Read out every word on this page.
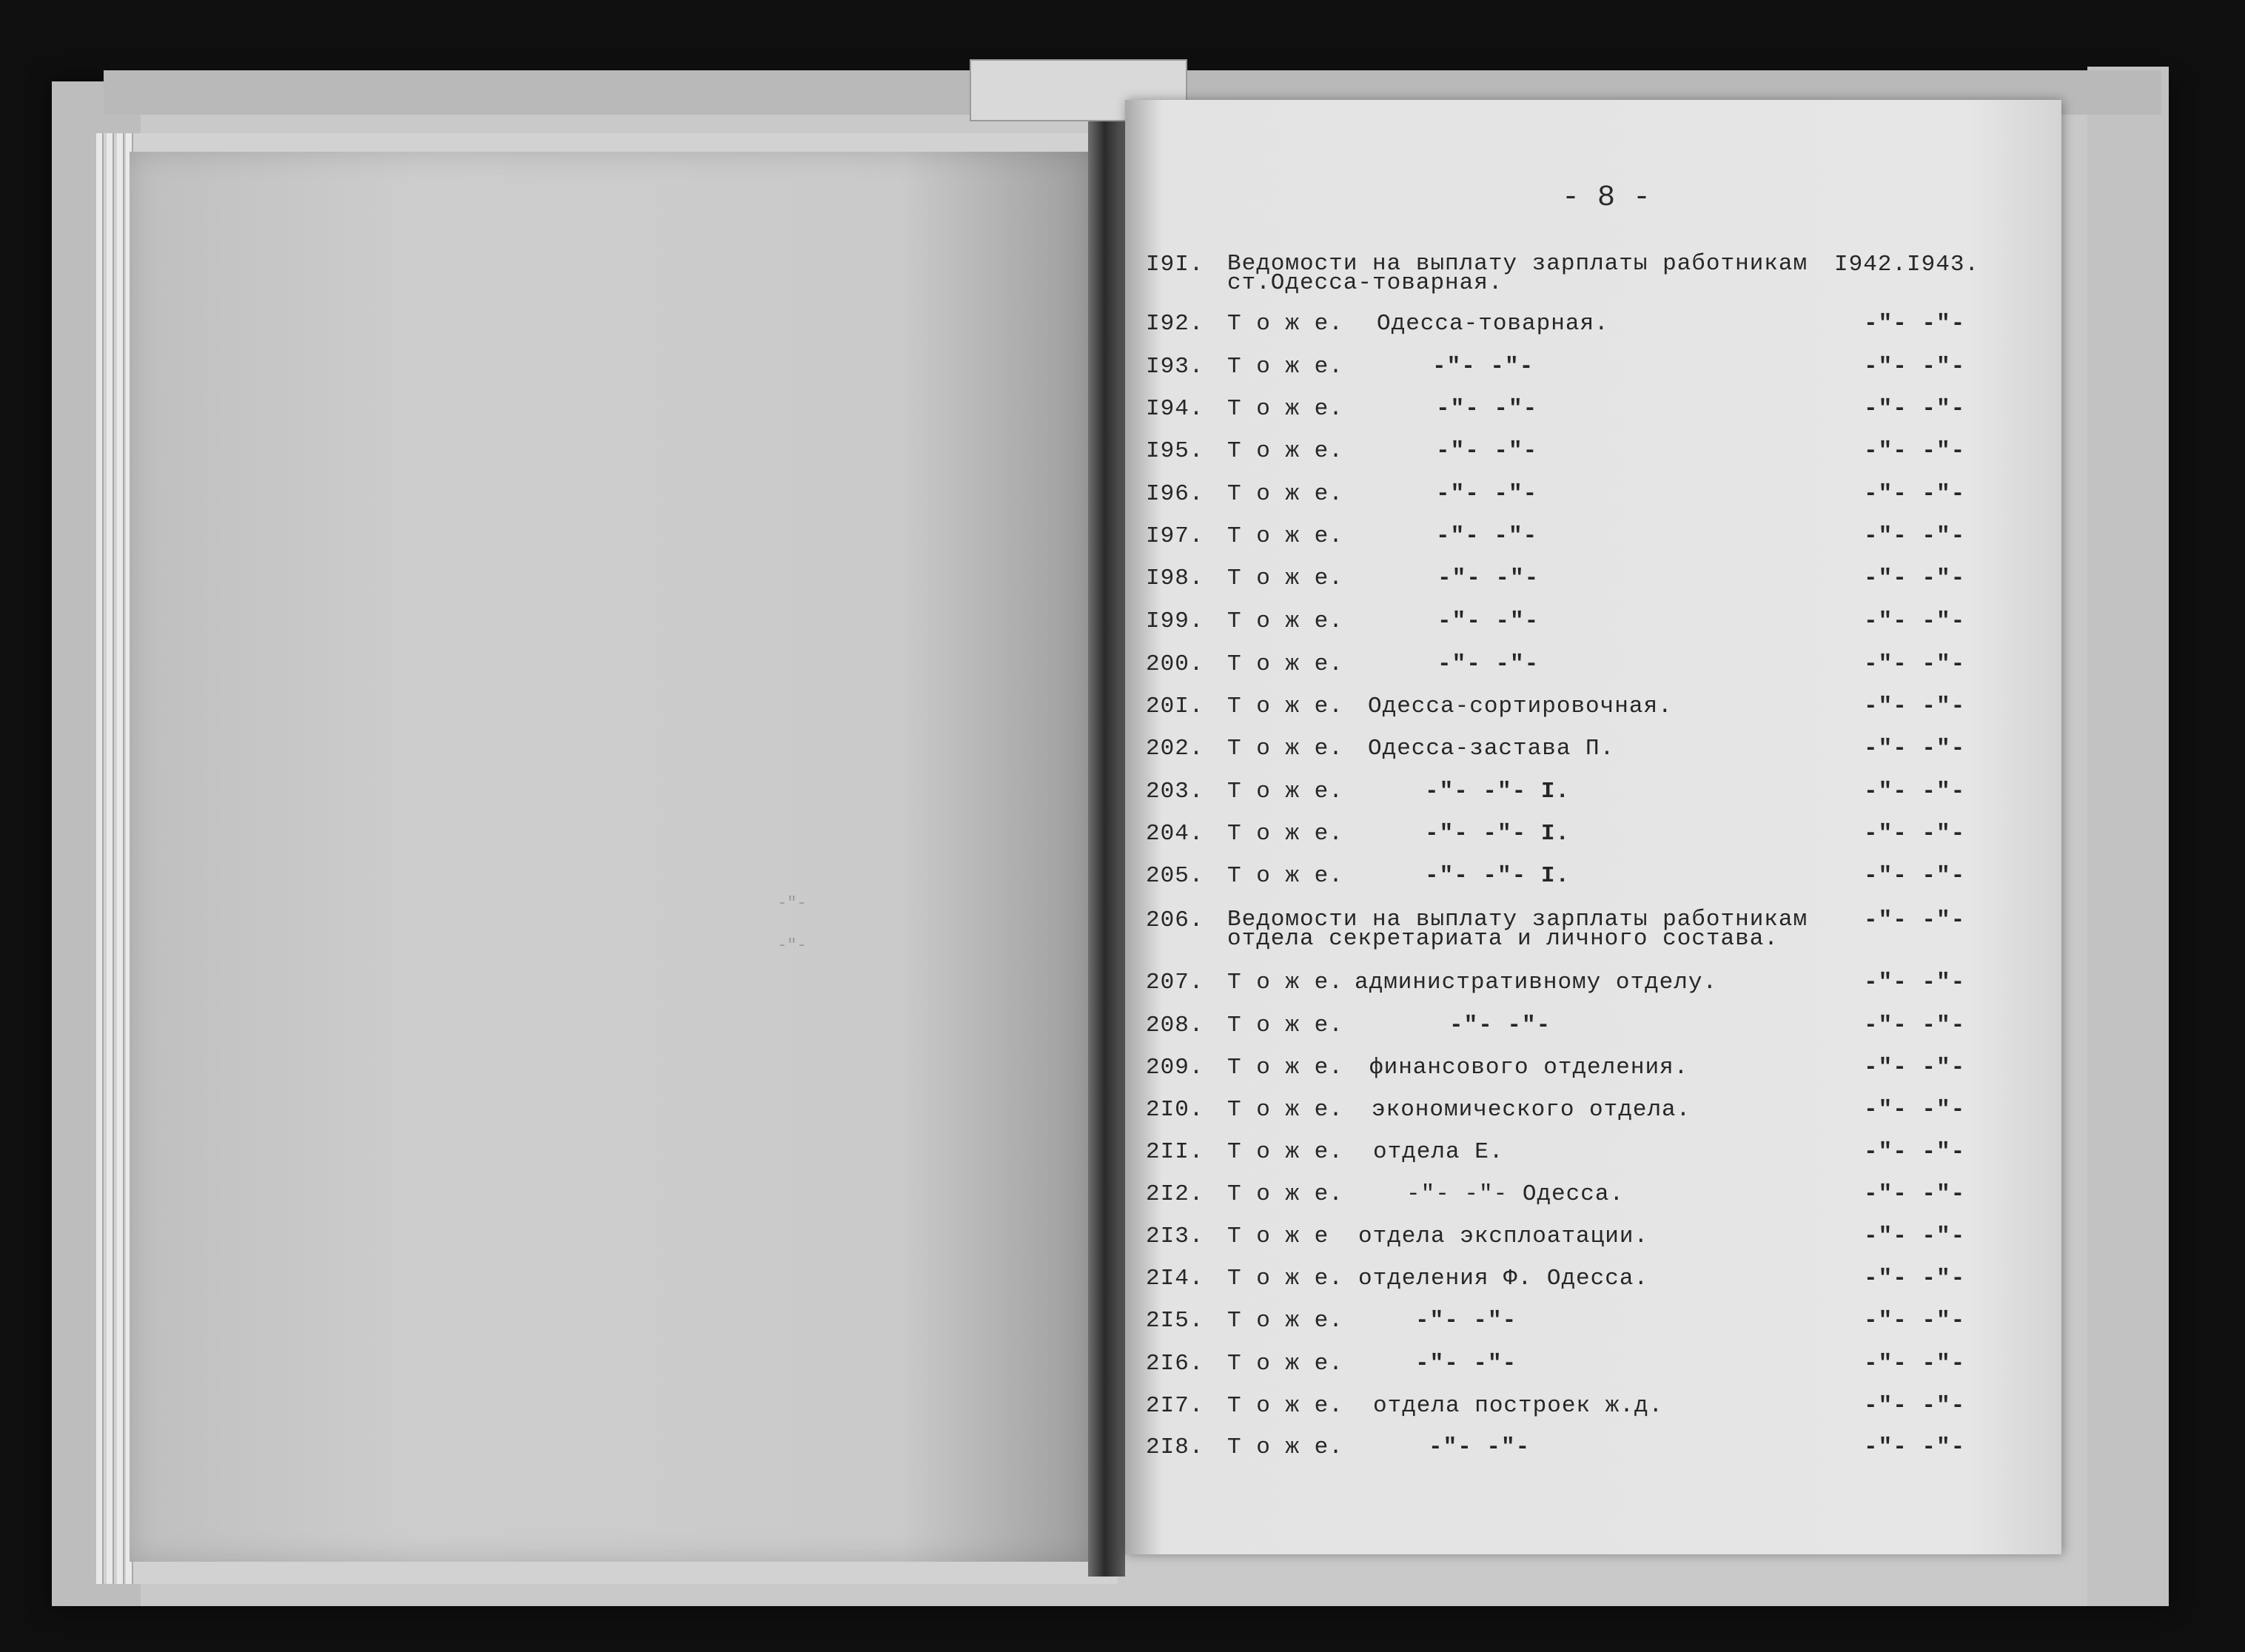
-"-
-"-
- 8 -
I9I. Ведомости на выплату зарплаты работникам I942.I943.
ст.Одесса-товарная.
I92. Т о ж е. Одесса-товарная.	-"- -"-
I93. Т о ж е.	-"- -"-	-"- -"-
I94. Т о ж е.	-"- -"-	-"- -"-
I95. Т о ж е.	-"- -"-	-"- -"-
I96. Т о ж е.	-"- -"-	-"- -"-
I97. Т о ж е.	-"- -"-	-"- -"-
I98. Т о ж е.	-"- -"-	-"- -"-
I99. Т о ж е.	-"- -"-	-"- -"-
200. Т о ж е.	-"- -"-	-"- -"-
20I. Т о ж е. Одесса-сортировочная.	-"- -"-
202. Т о ж е. Одесса-застава П.	-"- -"-
203. Т о ж е.	-"- -"- I.	-"- -"-
204. Т о ж е.	-"- -"- I.	-"- -"-
205. Т о ж е.	-"- -"- I.	-"- -"-
206. Ведомости на выплату зарплаты работникам -"- -"-
отдела секретариата и личного состава.
207. Т о ж е. административному отделу.	-"- -"-
208. Т о ж е.	-"- -"-	-"- -"-
209. Т о ж е. финансового отделения.	-"- -"-
2I0. Т о ж е. экономического отдела.	-"- -"-
2II. Т о ж е. отдела Е.	-"- -"-
2I2. Т о ж е.	-"- -"- Одесса.	-"- -"-
2I3. Т о ж е отдела эксплоатации.	-"- -"-
2I4. Т о ж е. отделения Ф. Одесса.	-"- -"-
2I5. Т о ж е.	-"- -"-	-"- -"-
2I6. Т о ж е.	-"- -"-	-"- -"-
2I7. Т о ж е. отдела построек ж.д.	-"- -"-
2I8. Т о ж е.	-"- -"-	-"- -"-
